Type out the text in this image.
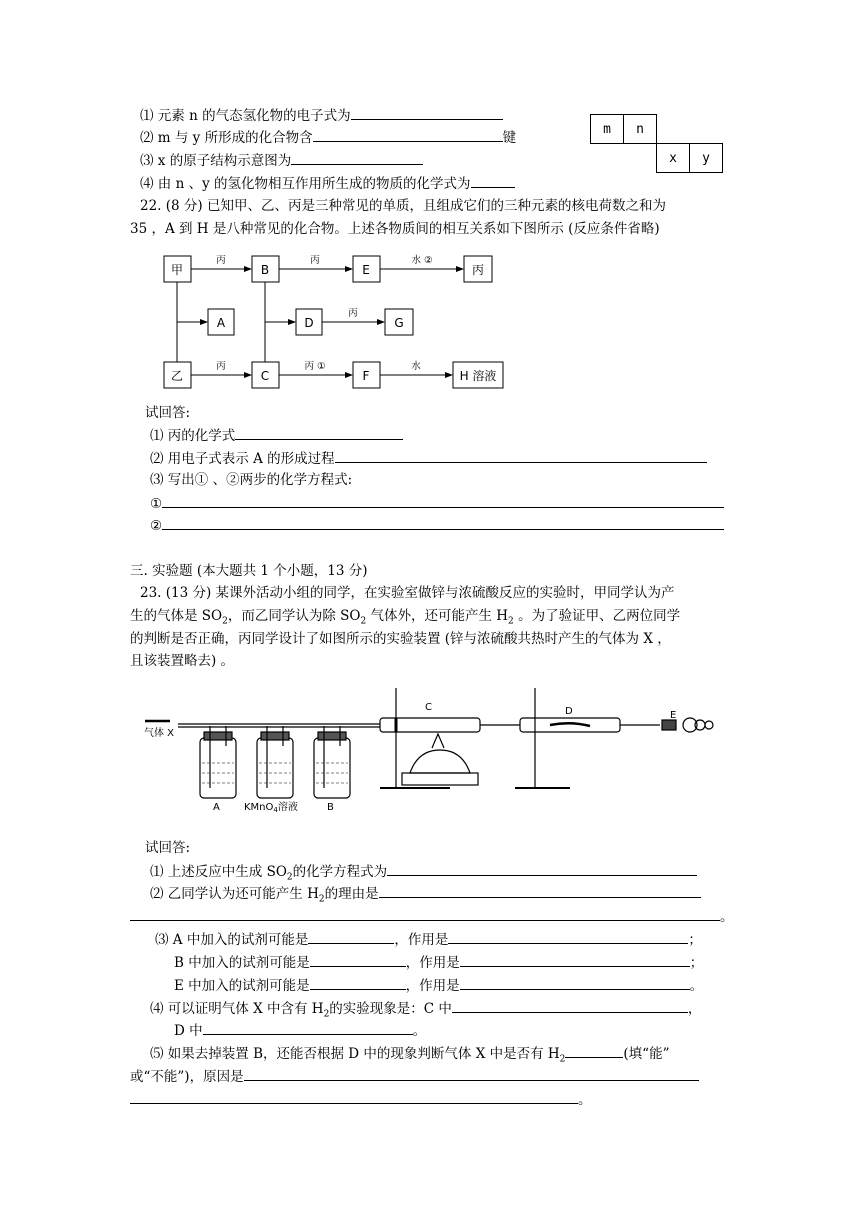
⑴ 元素 n 的气态氢化物的电子式为
⑵ m 与 y 所形成的化合物含	键
⑶ x 的原子结构示意图为
⑷ 由 n 、y 的氢化物相互作用所生成的物质的化学式为
m	n
x	y
22. (8 分) 已知甲、乙、丙是三种常见的单质，且组成它们的三种元素的核电荷数之和为
35 ，A 到 H 是八种常见的化合物。上述各物质间的相互关系如下图所示 (反应条件省略)
甲	B	E	丙
A	D	G
乙	C	F	H 溶液
丙	丙	水 ②
丙
丙	丙 ①	水
试回答:
⑴ 丙的化学式
⑵ 用电子式表示 A 的形成过程
⑶ 写出① 、②两步的化学方程式:
①
②
三. 实验题 (本大题共 1 个小题，13 分)
23. (13 分) 某课外活动小组的同学，在实验室做锌与浓硫酸反应的实验时，甲同学认为产
生的气体是 $SO_2$，而乙同学认为除 $SO_2$ 气体外，还可能产生 $H_2$ 。为了验证甲、乙两位同学
的判断是否正确，丙同学设计了如图所示的实验装置 (锌与浓硫酸共热时产生的气体为 X ，
且该装置略去) 。
气体 X
A KMnO$_4$溶液	B
C	D	E
试回答:
⑴ 上述反应中生成 $SO_2$的化学方程式为
⑵ 乙同学认为还可能产生 $H_2$的理由是
。
⑶ A 中加入的试剂可能是	，作用是	；
B 中加入的试剂可能是	，作用是	；
E 中加入的试剂可能是	，作用是	。
⑷ 可以证明气体 X 中含有 $H_2$的实验现象是：C 中	，
D 中	。
⑸ 如果去掉装置 B，还能否根据 D 中的现象判断气体 X 中是否有 $H_2$	(填“能”
或“不能”)，原因是
。
